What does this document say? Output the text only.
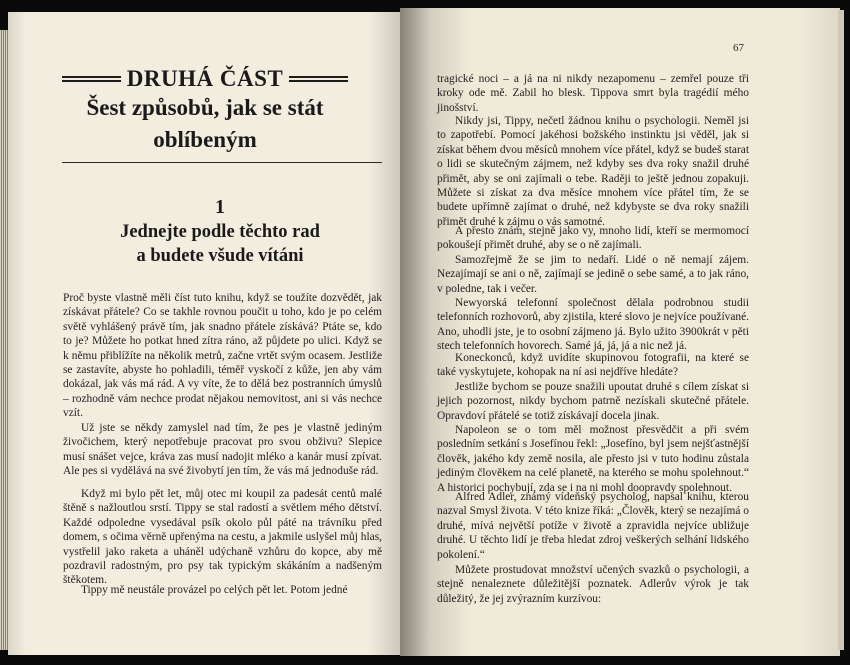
DRUHÁ ČÁST
Šest způsobů, jak se stát
oblíbeným
1
Jednejte podle těchto rad
a budete všude vítáni

Proč byste vlastně měli číst tuto knihu, když se toužíte dozvědět, jak získávat přátele? Co se takhle rovnou poučit u toho, kdo je po celém světě vyhlášený právě tím, jak snadno přátele získává? Ptáte se, kdo to je? Můžete ho potkat hned zítra ráno, až půjdete po ulici. Když se k němu přiblížíte na několik metrů, začne vrtět svým ocasem. Jestliže se zastavíte, abyste ho pohladili, téměř vyskočí z kůže, jen aby vám dokázal, jak vás má rád. A vy víte, že to dělá bez postranních úmyslů – rozhodně vám nechce prodat nějakou nemovitost, ani si vás nechce vzít.

Už jste se někdy zamyslel nad tím, že pes je vlastně jediným živočichem, který nepotřebuje pracovat pro svou obživu? Slepice musí snášet vejce, kráva zas musí nadojit mléko a kanár musí zpívat. Ale pes si vydělává na své živobytí jen tím, že vás má jednoduše rád.

Když mi bylo pět let, můj otec mi koupil za padesát centů malé štěně s nažloutlou srstí. Tippy se stal radostí a světlem mého dětství. Každé odpoledne vysedával psík okolo půl páté na trávníku před domem, s očima věrně upřenýma na cestu, a jakmile uslyšel můj hlas, vystřelil jako raketa a uháněl udýchaně vzhůru do kopce, aby mě pozdravil radostným, pro psy tak typickým skákáním a nadšeným štěkotem.

Tippy mě neustále provázel po celých pět let. Potom jedné

67

tragické noci – a já na ni nikdy nezapomenu – zemřel pouze tři kroky ode mě. Zabil ho blesk. Tippova smrt byla tragédií mého jinošství.

Nikdy jsi, Tippy, nečetl žádnou knihu o psychologii. Neměl jsi to zapotřebí. Pomocí jakéhosi božského instinktu jsi věděl, jak si získat během dvou měsíců mnohem více přátel, když se budeš starat o lidi se skutečným zájmem, než kdyby ses dva roky snažil druhé přimět, aby se oni zajímali o tebe. Raději to ještě jednou zopakuji. Můžete si získat za dva měsíce mnohem více přátel tím, že se budete upřímně zajímat o druhé, než kdybyste se dva roky snažili přimět druhé k zájmu o vás samotné.

A přesto znám, stejně jako vy, mnoho lidí, kteří se mermomocí pokoušejí přimět druhé, aby se o ně zajímali.

Samozřejmě že se jim to nedaří. Lidé o ně nemají zájem. Nezajímají se ani o ně, zajímají se jedině o sebe samé, a to jak ráno, v poledne, tak i večer.

Newyorská telefonní společnost dělala podrobnou studii telefonních rozhovorů, aby zjistila, které slovo je nejvíce používané. Ano, uhodli jste, je to osobní zájmeno já. Bylo užito 3900krát v pěti stech telefonních hovorech. Samé já, já, já a nic než já.

Koneckonců, když uvidíte skupinovou fotografii, na které se také vyskytujete, kohopak na ní asi nejdříve hledáte?

Jestliže bychom se pouze snažili upoutat druhé s cílem získat si jejich pozornost, nikdy bychom patrně nezískali skutečné přátele. Opravdoví přátelé se totiž získávají docela jinak.

Napoleon se o tom měl možnost přesvědčit a při svém posledním setkání s Josefínou řekl: „Josefíno, byl jsem nejšťastnější člověk, jakého kdy země nosila, ale přesto jsi v tuto hodinu zůstala jediným člověkem na celé planetě, na kterého se mohu spolehnout.“ A historici pochybují, zda se i na ni mohl doopravdy spolehnout.

Alfred Adler, známý vídeňský psycholog, napsal knihu, kterou nazval Smysl života. V této knize říká: „Člověk, který se nezajímá o druhé, mívá největší potíže v životě a zpravidla nejvíce ubližuje druhé. U těchto lidí je třeba hledat zdroj veškerých selhání lidského pokolení.“

Můžete prostudovat množství učených svazků o psychologii, a stejně nenaleznete důležitější poznatek. Adlerův výrok je tak důležitý, že jej zvýrazním kurzívou:
